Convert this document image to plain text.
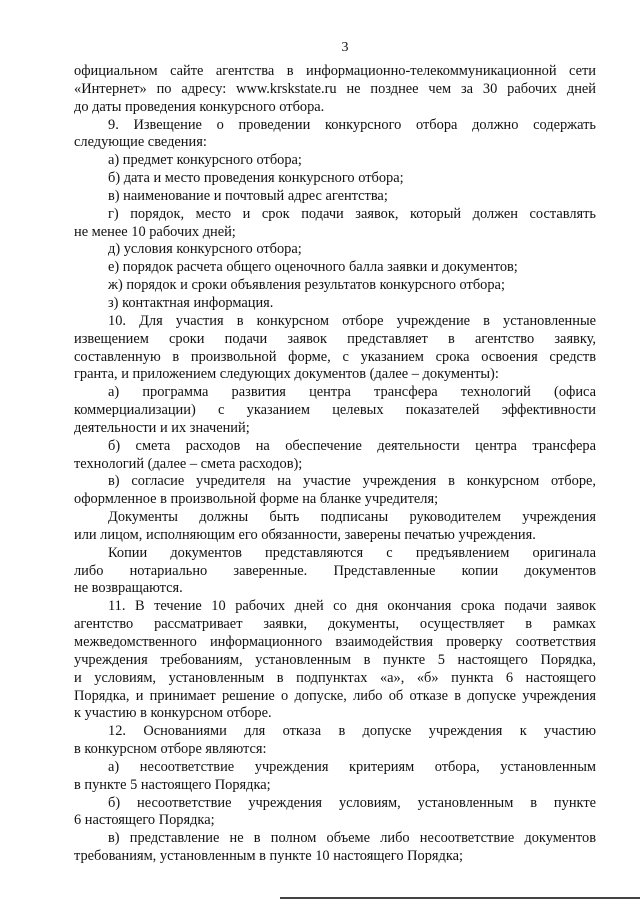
3
официальном сайте агентства в информационно-телекоммуникационной сети
«Интернет» по адресу: www.krskstate.ru не позднее чем за 30 рабочих дней
до даты проведения конкурсного отбора.
9. Извещение о проведении конкурсного отбора должно содержать
следующие сведения:
а) предмет конкурсного отбора;
б) дата и место проведения конкурсного отбора;
в) наименование и почтовый адрес агентства;
г) порядок, место и срок подачи заявок, который должен составлять
не менее 10 рабочих дней;
д) условия конкурсного отбора;
е) порядок расчета общего оценочного балла заявки и документов;
ж) порядок и сроки объявления результатов конкурсного отбора;
з) контактная информация.
10. Для участия в конкурсном отборе учреждение в установленные
извещением сроки подачи заявок представляет в агентство заявку,
составленную в произвольной форме, с указанием срока освоения средств
гранта, и приложением следующих документов (далее – документы):
а) программа развития центра трансфера технологий (офиса
коммерциализации) с указанием целевых показателей эффективности
деятельности и их значений;
б) смета расходов на обеспечение деятельности центра трансфера
технологий (далее – смета расходов);
в) согласие учредителя на участие учреждения в конкурсном отборе,
оформленное в произвольной форме на бланке учредителя;
Документы должны быть подписаны руководителем учреждения
или лицом, исполняющим его обязанности, заверены печатью учреждения.
Копии документов представляются с предъявлением оригинала
либо нотариально заверенные. Представленные копии документов
не возвращаются.
11. В течение 10 рабочих дней со дня окончания срока подачи заявок
агентство рассматривает заявки, документы, осуществляет в рамках
межведомственного информационного взаимодействия проверку соответствия
учреждения требованиям, установленным в пункте 5 настоящего Порядка,
и условиям, установленным в подпунктах «а», «б» пункта 6 настоящего
Порядка, и принимает решение о допуске, либо об отказе в допуске учреждения
к участию в конкурсном отборе.
12. Основаниями для отказа в допуске учреждения к участию
в конкурсном отборе являются:
а) несоответствие учреждения критериям отбора, установленным
в пункте 5 настоящего Порядка;
б) несоответствие учреждения условиям, установленным в пункте
6 настоящего Порядка;
в) представление не в полном объеме либо несоответствие документов
требованиям, установленным в пункте 10 настоящего Порядка;
